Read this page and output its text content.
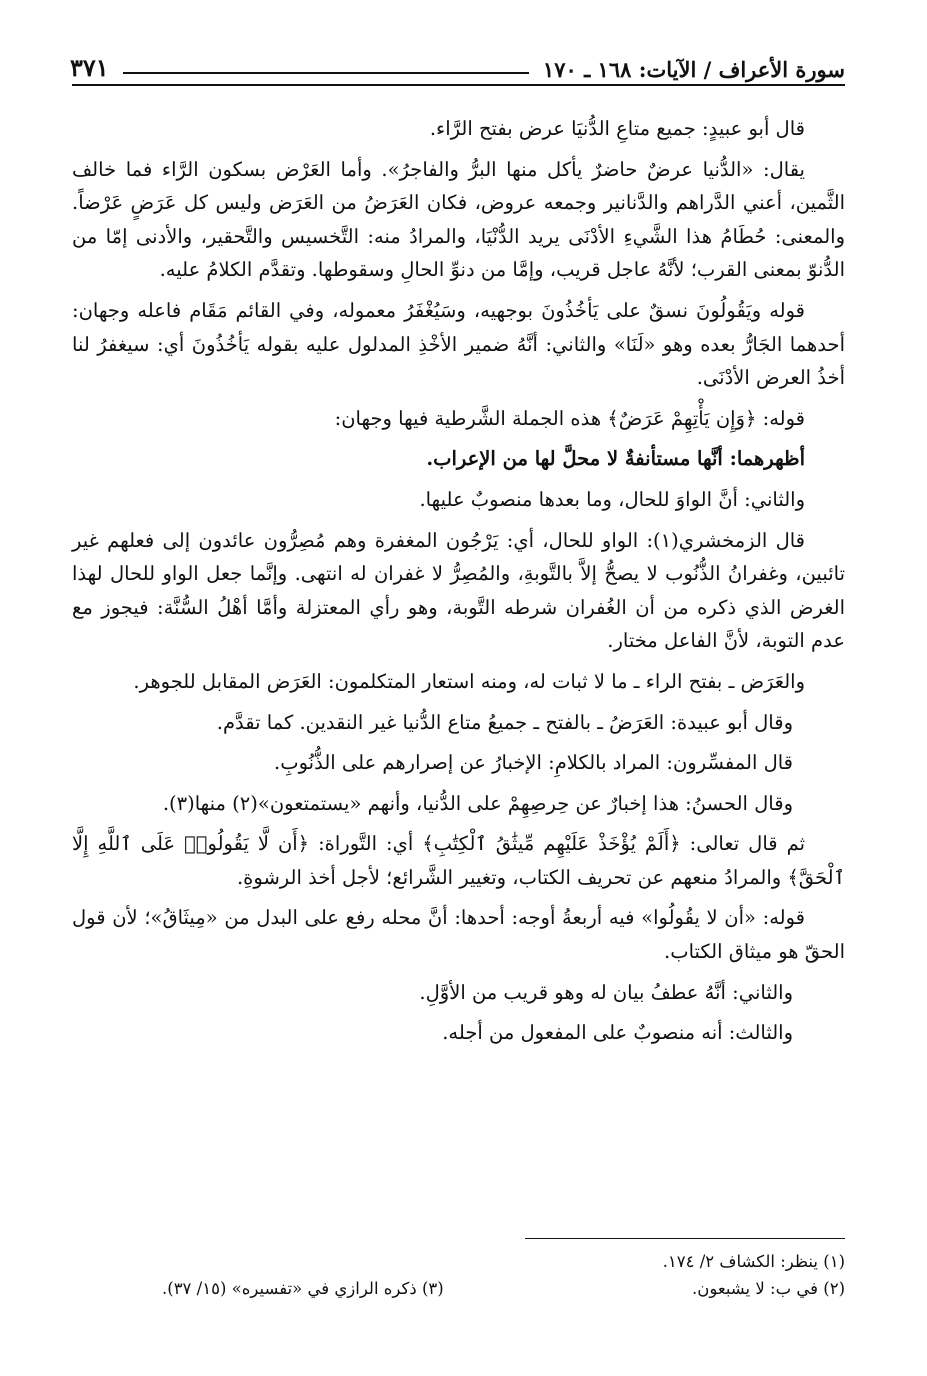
سورة الأعراف / الآيات: ١٦٨ ـ ١٧٠
٣٧١

قال أبو عبيدٍ: جميع متاعِ الدُّنيَا عرض بفتح الرَّاء.

يقال: «الدُّنيا عرضٌ حاضرٌ يأكل منها البرُّ والفاجرُ». وأما العَرْض بسكون الرَّاء فما خالف الثَّمين، أعني الدَّراهم والدَّنانير وجمعه عروض، فكان العَرَضُ من العَرَض وليس كل عَرَضٍ عَرْضاً. والمعنى: حُطَامُ هذا الشَّيءِ الأدْنَى يريد الدُّنْيَا، والمرادُ منه: التَّخسيس والتَّحقير، والأدنى إمّا من الدُّنوّ بمعنى القرب؛ لأنَّهُ عاجل قريب، وإمَّا من دنوِّ الحالِ وسقوطها. وتقدَّم الكلامُ عليه.

قوله ويَقُولُونَ نسقٌ على يَأخُذُونَ بوجهيه، وسَيُغْفَرُ معموله، وفي القائم مَقَام فاعله وجهان: أحدهما الجَارُّ بعده وهو «لَنَا» والثاني: أنَّهُ ضمير الأخْذِ المدلول عليه بقوله يَأخُذُونَ أي: سيغفرُ لنا أخذُ العرض الأدْنَى.

قوله: ﴿وَإِن يَأْتِهِمْ عَرَضٌ﴾ هذه الجملة الشَّرطية فيها وجهان:

أظهرهما: أنَّها مستأنفةٌ لا محلَّ لها من الإعراب.

والثاني: أنَّ الواوَ للحال، وما بعدها منصوبٌ عليها.

قال الزمخشري(١): الواو للحال، أي: يَرْجُون المغفرة وهم مُصِرُّون عائدون إلى فعلهم غير تائبين، وغفرانُ الذُّنُوب لا يصحُّ إلاَّ بالتَّوبةِ، والمُصِرُّ لا غفران له انتهى. وإنَّما جعل الواو للحال لهذا الغرض الذي ذكره من أن الغُفران شرطه التَّوبة، وهو رأي المعتزلة وأمَّا أهْلُ السُّنَّة: فيجوز مع عدم التوبة، لأنَّ الفاعل مختار.

والعَرَض ـ بفتح الراء ـ ما لا ثبات له، ومنه استعار المتكلمون: العَرَض المقابل للجوهر.

وقال أبو عبيدة: العَرَضُ ـ بالفتح ـ جميعُ متاع الدُّنيا غير النقدين. كما تقدَّم.

قال المفسِّرون: المراد بالكلامِ: الإخبارُ عن إصرارهم على الذُّنُوبِ.

وقال الحسنُ: هذا إخبارٌ عن حِرصِهِمْ على الدُّنيا، وأنهم «يستمتعون»(٢) منها(٣).

ثم قال تعالى: ﴿أَلَمْ يُؤْخَذْ عَلَيْهِم مِّيثَٰقُ ٱلْكِتَٰبِ﴾ أي: التَّوراة: ﴿أَن لَّا يَقُولُوا۟ عَلَى ٱللَّهِ إِلَّا ٱلْحَقَّ﴾ والمرادُ منعهم عن تحريف الكتاب، وتغيير الشَّرائع؛ لأجل أخذ الرشوةِ.

قوله: «أن لا يقُولُوا» فيه أربعةُ أوجه: أحدها: أنَّ محله رفع على البدل من «مِيثَاقُ»؛ لأن قول الحقّ هو ميثاق الكتاب.

والثاني: أنَّهُ عطفُ بيان له وهو قريب من الأوَّلِ.

والثالث: أنه منصوبٌ على المفعول من أجله.

(١) ينظر: الكشاف ٢/ ١٧٤.
(٢) في ب: لا يشبعون.
(٣) ذكره الرازي في «تفسيره» (١٥/ ٣٧).
